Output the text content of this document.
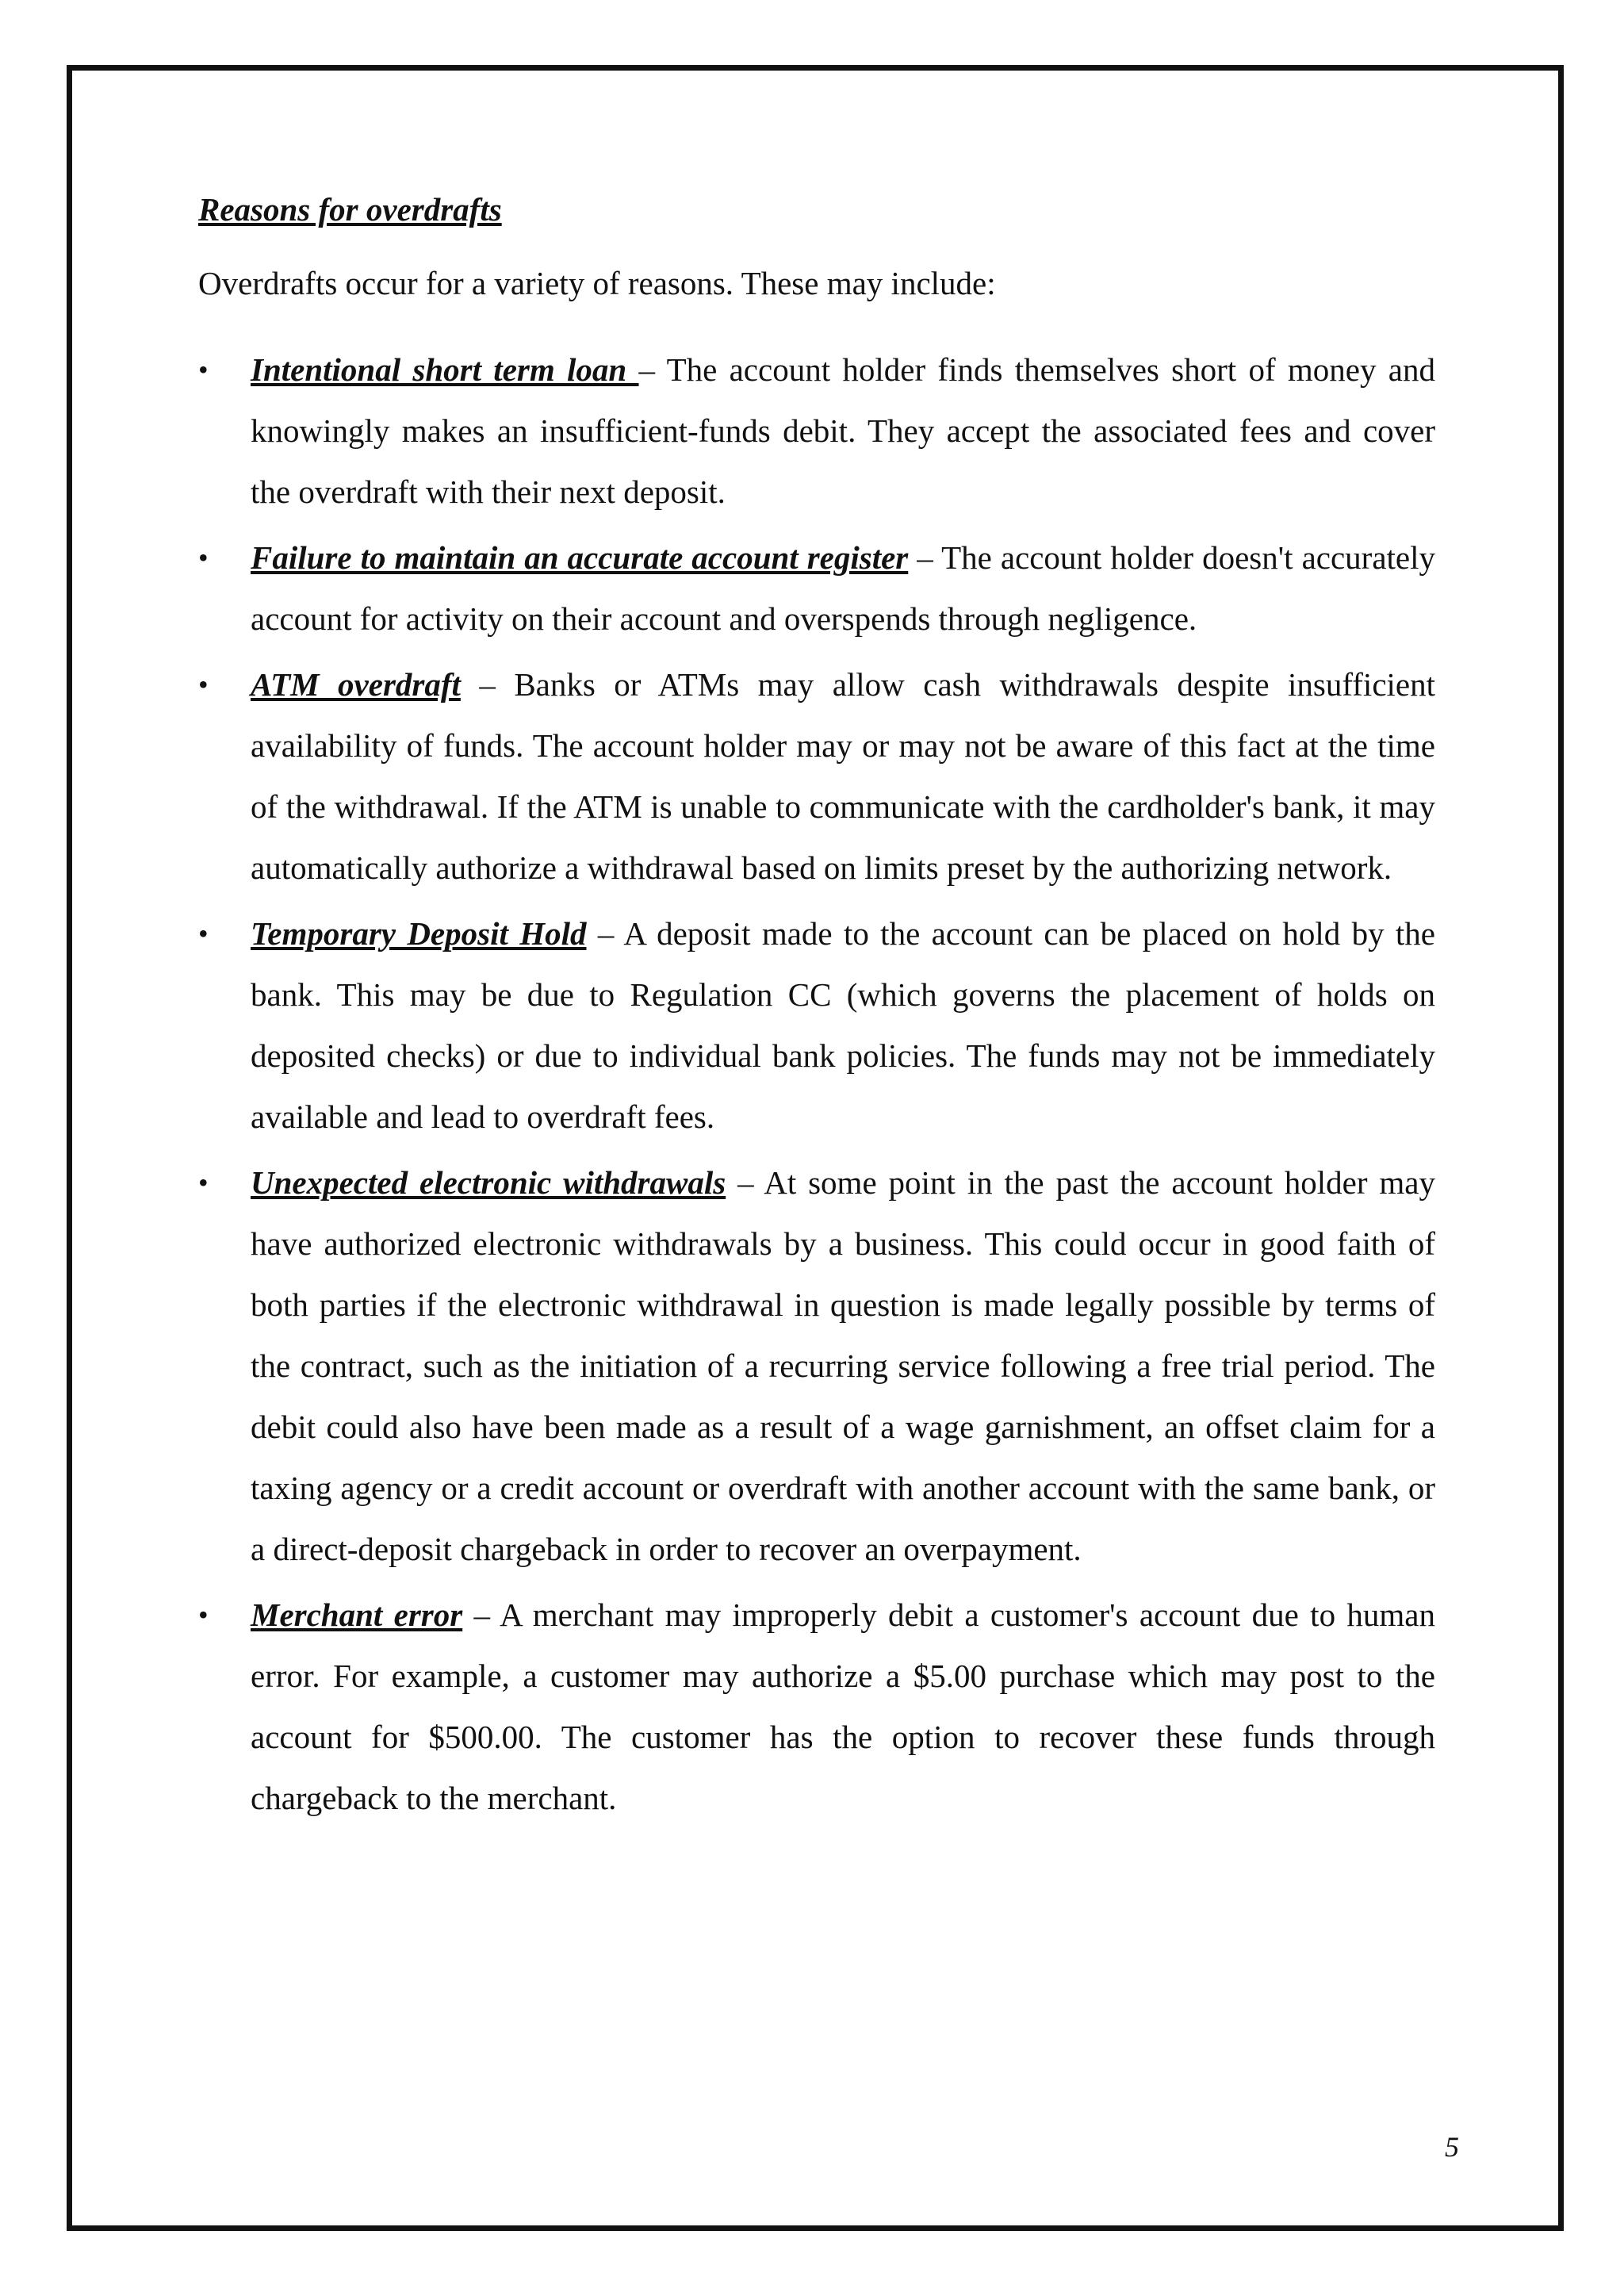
Reasons for overdrafts

Overdrafts occur for a variety of reasons. These may include:

• Intentional short term loan – The account holder finds themselves short of money and knowingly makes an insufficient-funds debit. They accept the associated fees and cover the overdraft with their next deposit.
• Failure to maintain an accurate account register – The account holder doesn't accurately account for activity on their account and overspends through negligence.
• ATM overdraft – Banks or ATMs may allow cash withdrawals despite insufficient availability of funds. The account holder may or may not be aware of this fact at the time of the withdrawal. If the ATM is unable to communicate with the cardholder's bank, it may automatically authorize a withdrawal based on limits preset by the authorizing network.
• Temporary Deposit Hold – A deposit made to the account can be placed on hold by the bank. This may be due to Regulation CC (which governs the placement of holds on deposited checks) or due to individual bank policies. The funds may not be immediately available and lead to overdraft fees.
• Unexpected electronic withdrawals – At some point in the past the account holder may have authorized electronic withdrawals by a business. This could occur in good faith of both parties if the electronic withdrawal in question is made legally possible by terms of the contract, such as the initiation of a recurring service following a free trial period. The debit could also have been made as a result of a wage garnishment, an offset claim for a taxing agency or a credit account or overdraft with another account with the same bank, or a direct-deposit chargeback in order to recover an overpayment.
• Merchant error – A merchant may improperly debit a customer's account due to human error. For example, a customer may authorize a $5.00 purchase which may post to the account for $500.00. The customer has the option to recover these funds through chargeback to the merchant.
5
